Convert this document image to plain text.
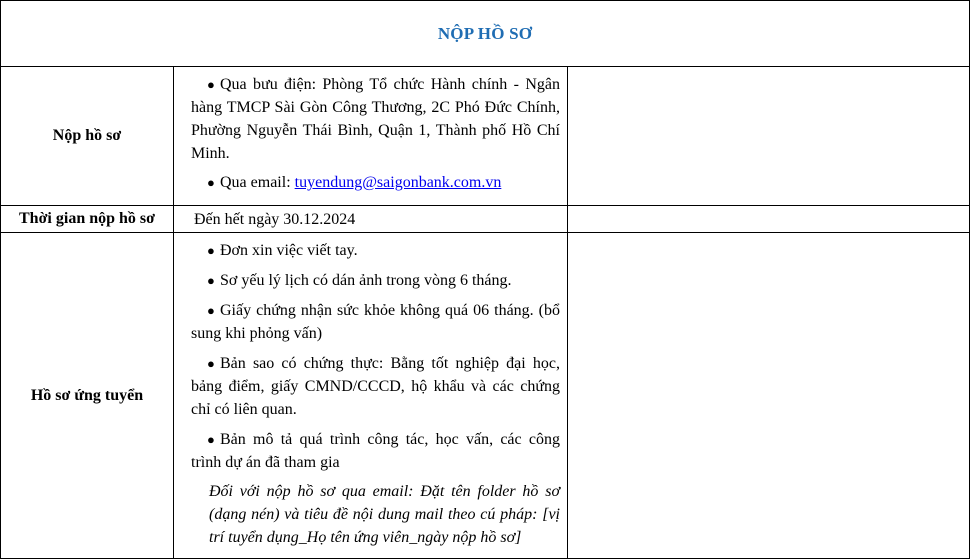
NỘP HỒ SƠ
Nộp hồ sơ

● Qua bưu điện: Phòng Tổ chức Hành chính - Ngân hàng TMCP Sài Gòn Công Thương, 2C Phó Đức Chính, Phường Nguyễn Thái Bình, Quận 1, Thành phố Hồ Chí Minh.

● Qua email: tuyendung@saigonbank.com.vn

Thời gian nộp hồ sơ Đến hết ngày 30.12.2024
Hồ sơ ứng tuyển

● Đơn xin việc viết tay.

● Sơ yếu lý lịch có dán ảnh trong vòng 6 tháng.

● Giấy chứng nhận sức khỏe không quá 06 tháng. (bổ sung khi phỏng vấn)

● Bản sao có chứng thực: Bằng tốt nghiệp đại học, bảng điểm, giấy CMND/CCCD, hộ khẩu và các chứng chỉ có liên quan.

● Bản mô tả quá trình công tác, học vấn, các công trình dự án đã tham gia

Đối với nộp hồ sơ qua email: Đặt tên folder hồ sơ (dạng nén) và tiêu đề nội dung mail theo cú pháp: [vị trí tuyển dụng_Họ tên ứng viên_ngày nộp hồ sơ]
